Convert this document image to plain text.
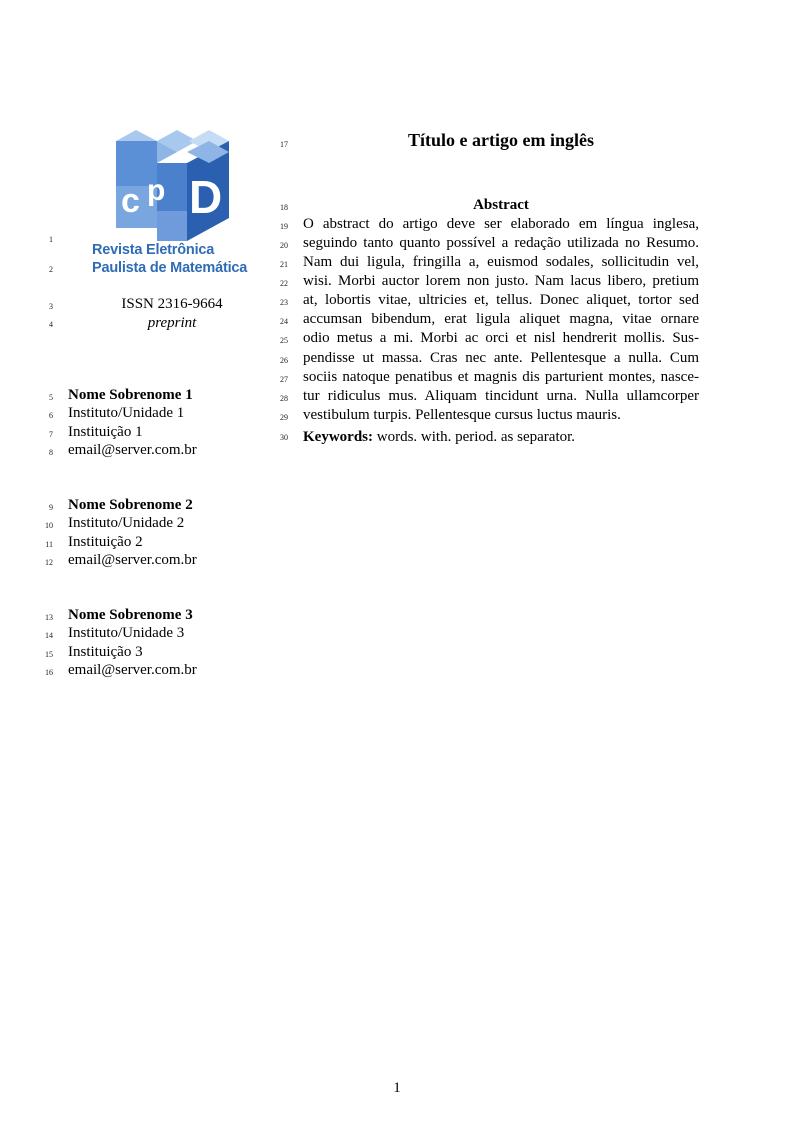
c p D
Revista Eletrônica
Paulista de Matemática
ISSN 2316-9664
preprint
Nome Sobrenome 1
Instituto/Unidade 1
Instituição 1
email@server.com.br
Nome Sobrenome 2
Instituto/Unidade 2
Instituição 2
email@server.com.br
Nome Sobrenome 3
Instituto/Unidade 3
Instituição 3
email@server.com.br
1
2
3
4
5
6
7
8
9
10
11
12
13
14
15
16
Título e artigo em inglês
Abstract
O abstract do artigo deve ser elaborado em língua inglesa,
seguindo tanto quanto possível a redação utilizada no Resumo.
Nam dui ligula, fringilla a, euismod sodales, sollicitudin vel,
wisi. Morbi auctor lorem non justo. Nam lacus libero, pretium
at, lobortis vitae, ultricies et, tellus. Donec aliquet, tortor sed
accumsan bibendum, erat ligula aliquet magna, vitae ornare
odio metus a mi. Morbi ac orci et nisl hendrerit mollis. Sus-
pendisse ut massa. Cras nec ante. Pellentesque a nulla. Cum
sociis natoque penatibus et magnis dis parturient montes, nasce-
tur ridiculus mus. Aliquam tincidunt urna. Nulla ullamcorper
vestibulum turpis. Pellentesque cursus luctus mauris.
Keywords: words. with. period. as separator.
17
18
19
20
21
22
23
24
25
26
27
28
29
30
1
